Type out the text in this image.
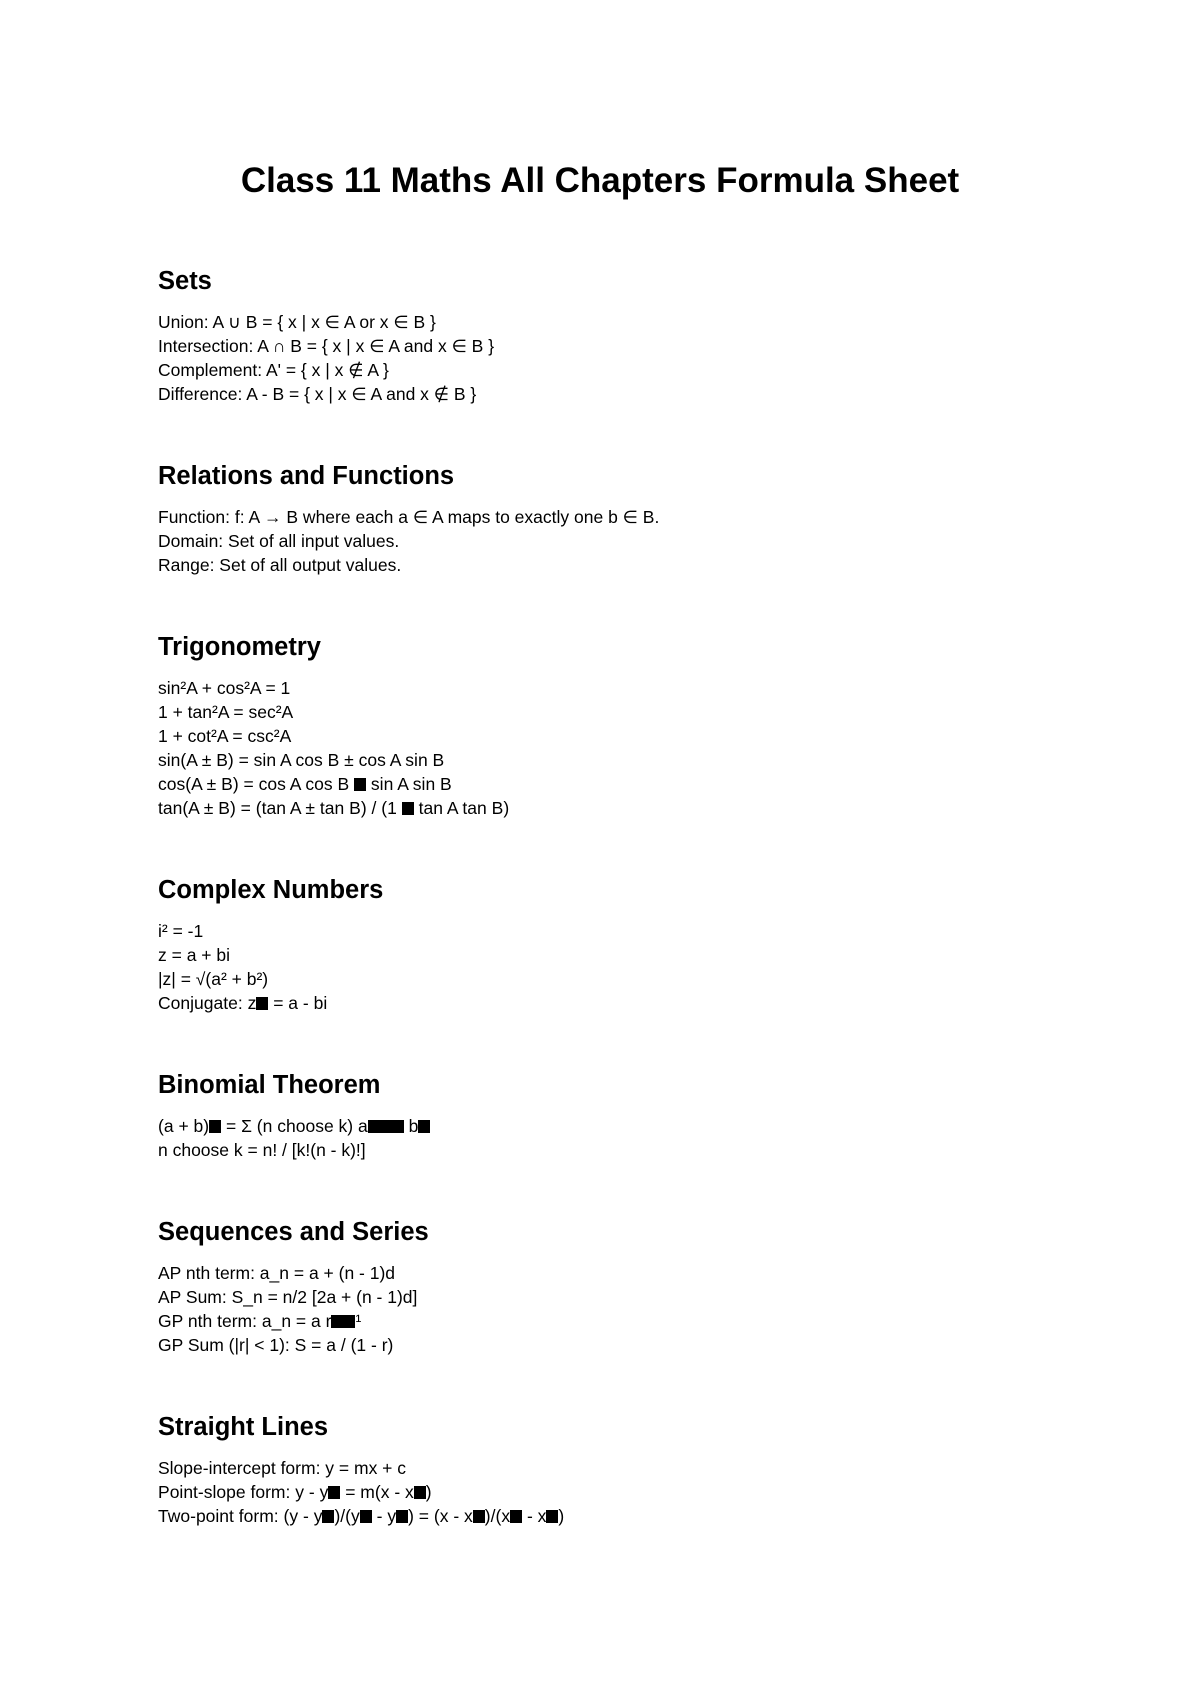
Class 11 Maths All Chapters Formula Sheet
Sets
Union: A ∪ B = { x | x ∈ A or x ∈ B }
Intersection: A ∩ B = { x | x ∈ A and x ∈ B }
Complement: A' = { x | x ∉ A }
Difference: A - B = { x | x ∈ A and x ∉ B }
Relations and Functions
Function: f: A → B where each a ∈ A maps to exactly one b ∈ B.
Domain: Set of all input values.
Range: Set of all output values.
Trigonometry
sin²A + cos²A = 1
1 + tan²A = sec²A
1 + cot²A = csc²A
sin(A ± B) = sin A cos B ± cos A sin B
cos(A ± B) = cos A cos B sin A sin B
tan(A ± B) = (tan A ± tan B) / (1 tan A tan B)
Complex Numbers
i² = -1
z = a + bi
|z| = √(a² + b²)
Conjugate: z = a - bi
Binomial Theorem
(a + b) = Σ (n choose k) a b
n choose k = n! / [k!(n - k)!]
Sequences and Series
AP nth term: a_n = a + (n - 1)d
AP Sum: S_n = n/2 [2a + (n - 1)d]
GP nth term: a_n = a r ¹
GP Sum (|r| < 1): S = a / (1 - r)
Straight Lines
Slope-intercept form: y = mx + c
Point-slope form: y - y = m(x - x )
Two-point form: (y - y )/(y - y ) = (x - x )/(x - x )
